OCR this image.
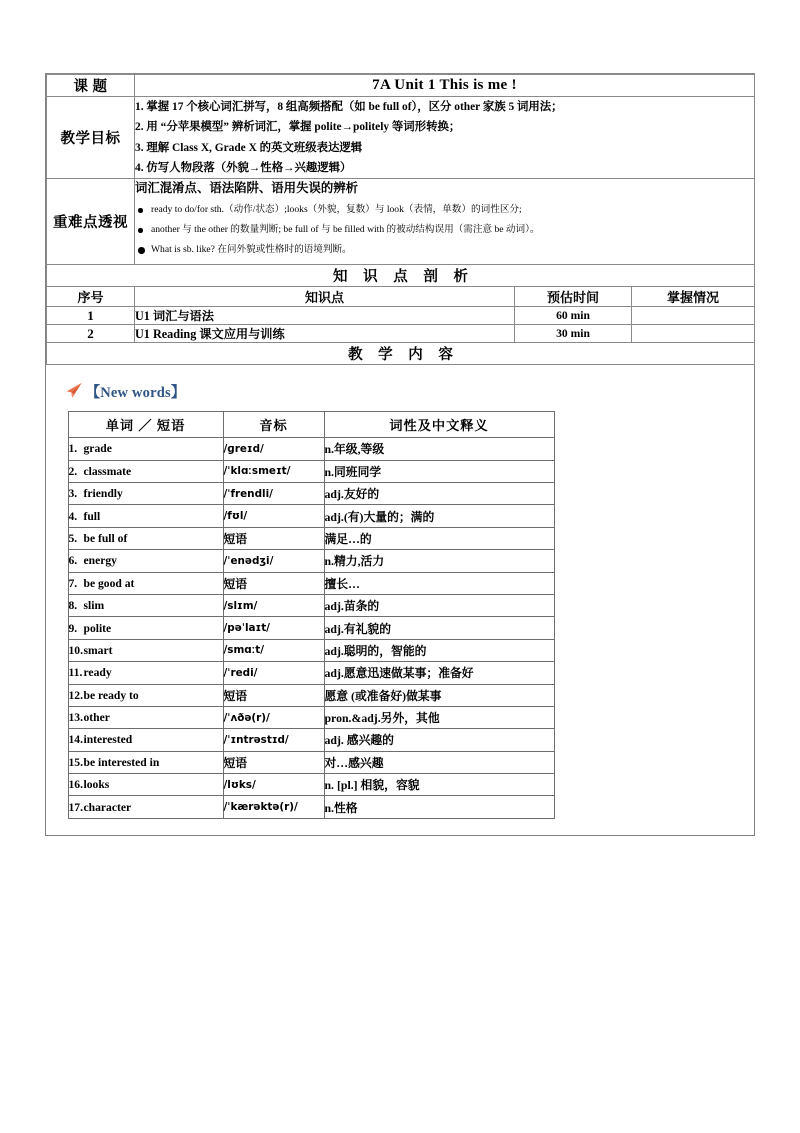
课 题	7A Unit 1 This is me !
教学目标	
1. 掌握 17 个核心词汇拼写，8 组高频搭配（如 be full of），区分 other 家族 5 词用法；
2. 用 “分苹果模型” 辨析词汇，掌握 polite→politely 等词形转换；
3. 理解 Class X, Grade X 的英文班级表达逻辑
4. 仿写人物段落（外貌→性格→兴趣逻辑）

重难点透视	
词汇混淆点、语法陷阱、语用失误的辨析
ready to do/for sth.（动作/状态）;looks（外貌，复数）与 look（表情，单数）的词性区分;
another 与 the other 的数量判断; be full of 与 be filled with 的被动结构误用（需注意 be 动词）。
What is sb. like? 在问外貌或性格时的语境判断。

知 识 点 剖 析
序号	知识点	预估时间	掌握情况
1	U1 词汇与语法	60 min	
2	U1 Reading 课文应用与训练	30 min	
教 学 内 容

【New words】
单词 ／ 短语	音标	词性及中文释义
1. grade	/ɡreɪd/	n.年级,等级
2. classmate	/ˈklɑːsmeɪt/	n.同班同学
3. friendly	/ˈfrendli/	adj.友好的
4. full	/fʊl/	adj.(有)大量的；满的
5. be full of	短语	满足…的
6. energy	/ˈenədʒi/	n.精力,活力
7. be good at	短语	擅长…
8. slim	/slɪm/	adj.苗条的
9. polite	/pəˈlaɪt/	adj.有礼貌的
10.smart	/smɑːt/	adj.聪明的，智能的
11.ready	/ˈredi/	adj.愿意迅速做某事；准备好
12.be ready to	短语	愿意 (或准备好)做某事
13.other	/ˈʌðə(r)/	pron.&adj.另外，其他
14.interested	/ˈɪntrəstɪd/	adj. 感兴趣的
15.be interested in	短语	对…感兴趣
16.looks	/lʊks/	n. [pl.] 相貌，容貌
17.character	/ˈkærəktə(r)/	n.性格
